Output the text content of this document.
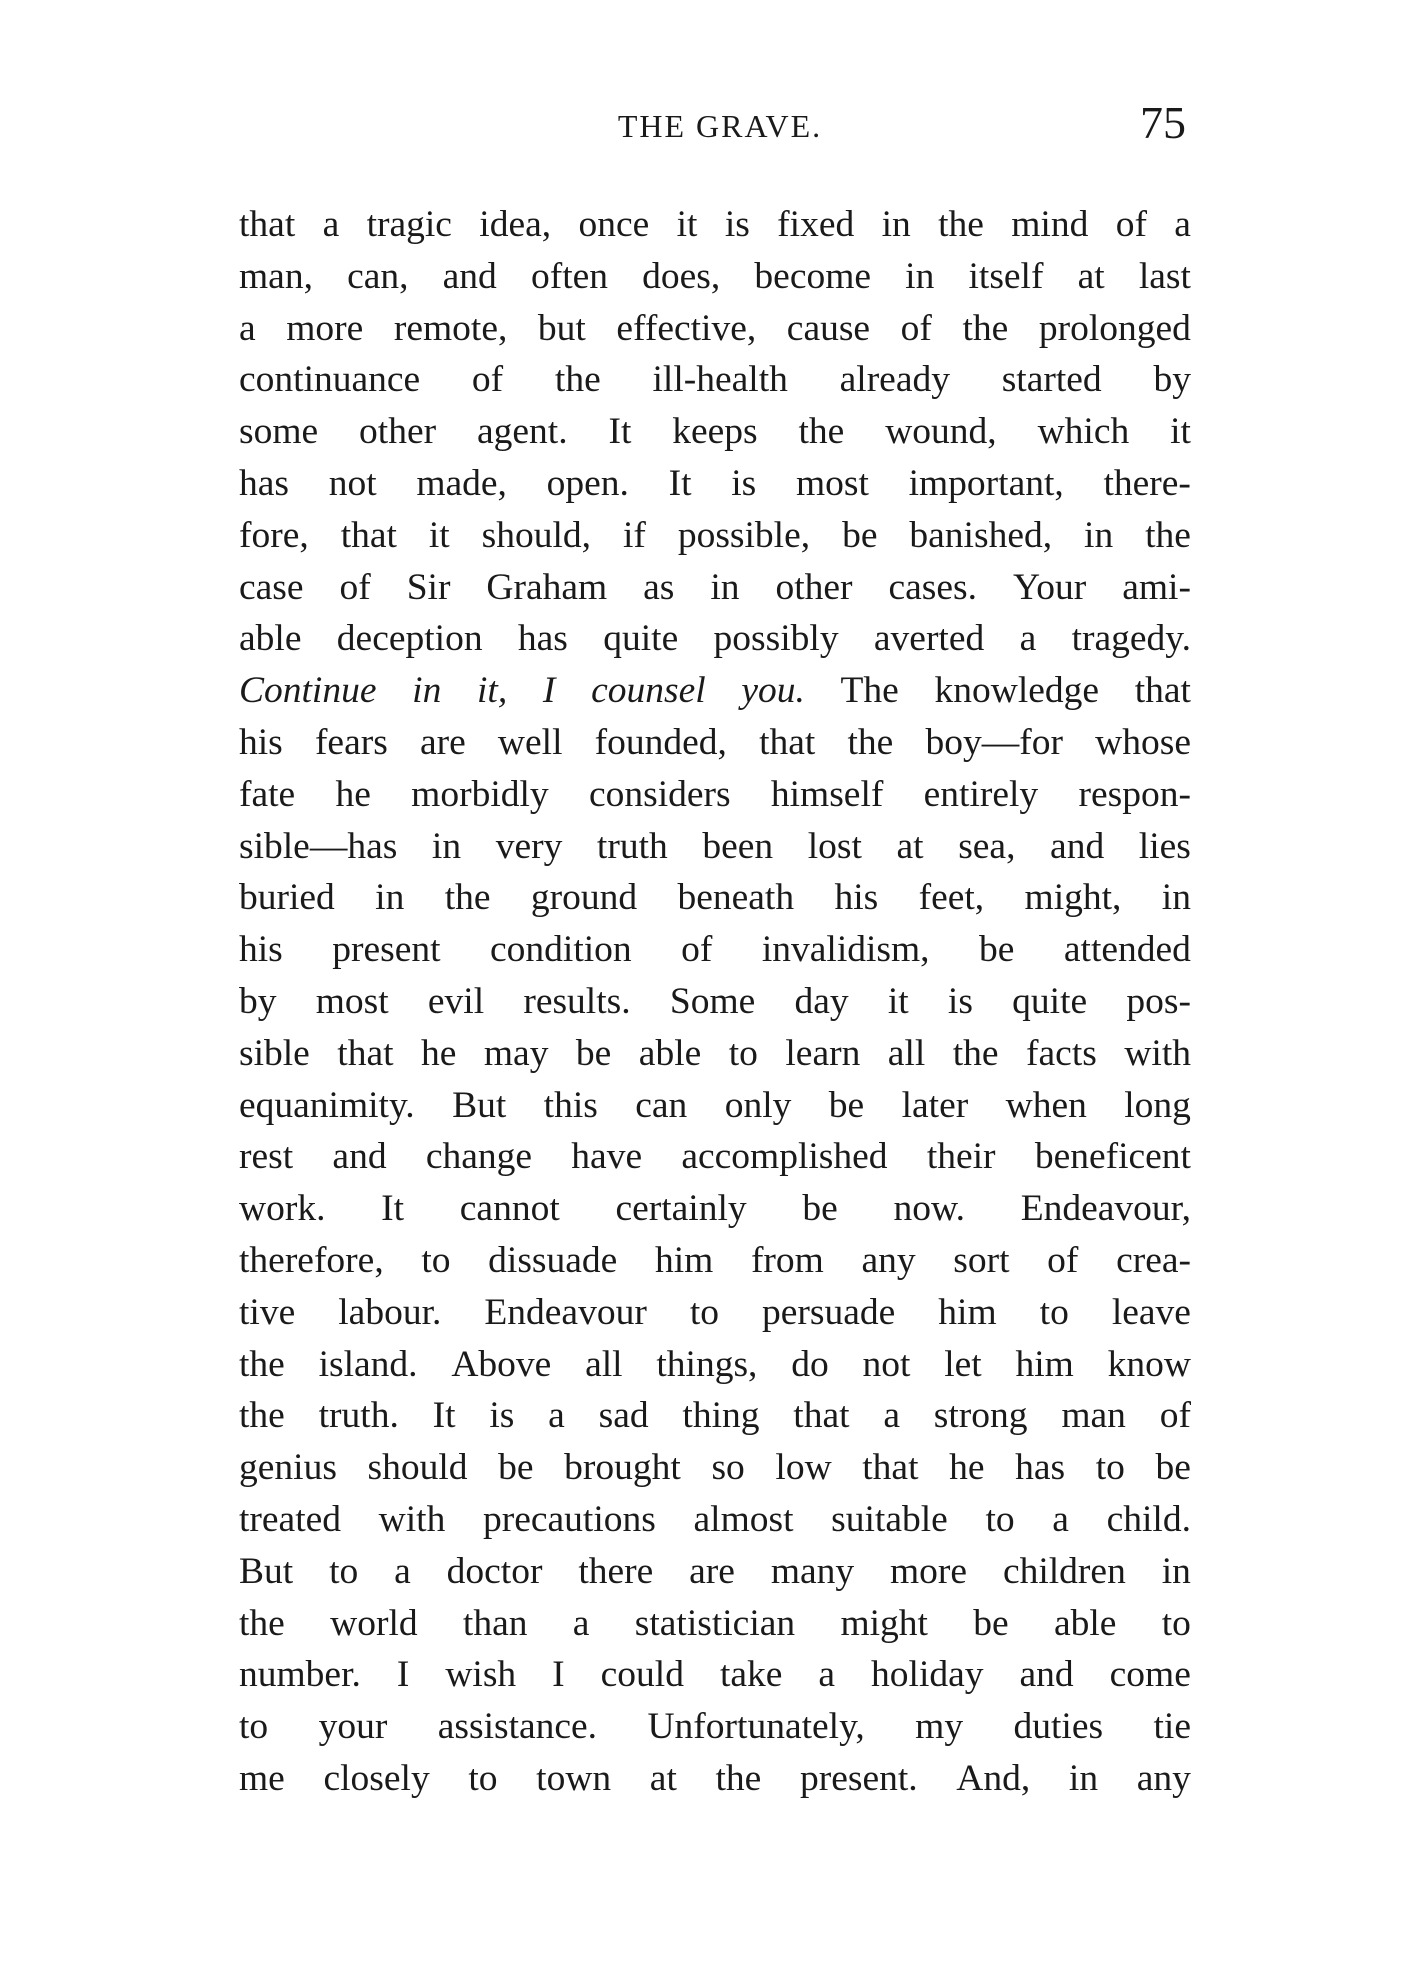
THE GRAVE.	75
that a tragic idea, once it is fixed in the mind of a
man, can, and often does, become in itself at last
a more remote, but effective, cause of the prolonged
continuance of the ill-health already started by
some other agent. It keeps the wound, which it
has not made, open. It is most important, there-
fore, that it should, if possible, be banished, in the
case of Sir Graham as in other cases. Your ami-
able deception has quite possibly averted a tragedy.
Continue in it, I counsel you. The knowledge that
his fears are well founded, that the boy—for whose
fate he morbidly considers himself entirely respon-
sible—has in very truth been lost at sea, and lies
buried in the ground beneath his feet, might, in
his present condition of invalidism, be attended
by most evil results. Some day it is quite pos-
sible that he may be able to learn all the facts with
equanimity. But this can only be later when long
rest and change have accomplished their beneficent
work. It cannot certainly be now. Endeavour,
therefore, to dissuade him from any sort of crea-
tive labour. Endeavour to persuade him to leave
the island. Above all things, do not let him know
the truth. It is a sad thing that a strong man of
genius should be brought so low that he has to be
treated with precautions almost suitable to a child.
But to a doctor there are many more children in
the world than a statistician might be able to
number. I wish I could take a holiday and come
to your assistance. Unfortunately, my duties tie
me closely to town at the present. And, in any
